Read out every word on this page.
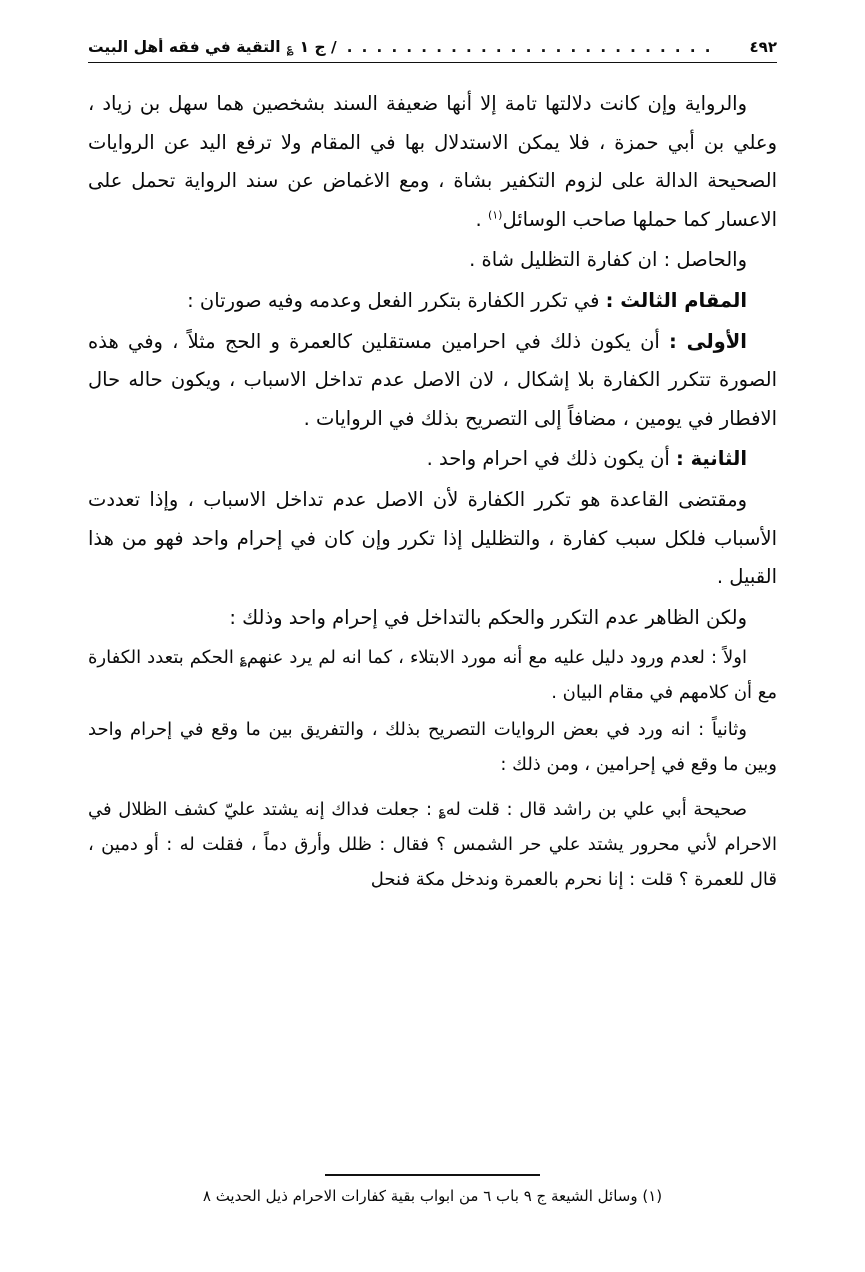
التقية في فقه أهل البيت ؏ / ج ١ . . . . . . . . . . . . . . . . . . . . . . . . .	٤٩٢

والرواية وإن كانت دلالتها تامة إلا أنها ضعيفة السند بشخصين هما سهل بن زياد ، وعلي بن أبي حمزة ، فلا يمكن الاستدلال بها في المقام ولا ترفع اليد عن الروايات الصحيحة الدالة على لزوم التكفير بشاة ، ومع الاغماض عن سند الرواية تحمل على الاعسار كما حملها صاحب الوسائل$^{(١)}$ .

والحاصل : ان كفارة التظليل شاة .

المقام الثالث : في تكرر الكفارة بتكرر الفعل وعدمه وفيه صورتان :

الأولى : أن يكون ذلك في احرامين مستقلين كالعمرة و الحج مثلاً ، وفي هذه الصورة تتكرر الكفارة بلا إشكال ، لان الاصل عدم تداخل الاسباب ، ويكون حاله حال الافطار في يومين ، مضافاً إلى التصريح بذلك في الروايات .

الثانية : أن يكون ذلك في احرام واحد .

ومقتضى القاعدة هو تكرر الكفارة لأن الاصل عدم تداخل الاسباب ، وإذا تعددت الأسباب فلكل سبب كفارة ، والتظليل إذا تكرر وإن كان في إحرام واحد فهو من هذا القبيل .

ولكن الظاهر عدم التكرر والحكم بالتداخل في إحرام واحد وذلك :

اولاً : لعدم ورود دليل عليه مع أنه مورد الابتلاء ، كما انه لم يرد عنهم؏ الحكم بتعدد الكفارة مع أن كلامهم في مقام البيان .

وثانياً : انه ورد في بعض الروايات التصريح بذلك ، والتفريق بين ما وقع في إحرام واحد وبين ما وقع في إحرامين ، ومن ذلك :

صحيحة أبي علي بن راشد قال : قلت له؏ : جعلت فداك إنه يشتد عليّ كشف الظلال في الاحرام لأني محرور يشتد علي حر الشمس ؟ فقال : ظلل وأرق دماً ، فقلت له : أو دمين ، قال للعمرة ؟ قلت : إنا نحرم بالعمرة وندخل مكة فنحل

(١) وسائل الشيعة ج ٩ باب ٦ من ابواب بقية كفارات الاحرام ذيل الحديث ٨
